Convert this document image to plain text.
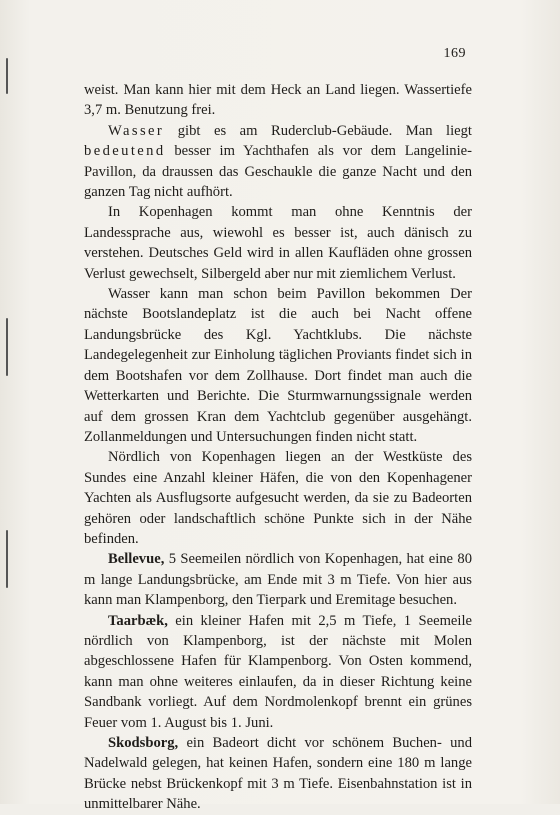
169

weist. Man kann hier mit dem Heck an Land liegen. Wassertiefe 3,7 m. Benutzung frei.

Wasser gibt es am Ruderclub-Gebäude. Man liegt bedeutend besser im Yachthafen als vor dem Langelinie-Pavillon, da draussen das Geschaukle die ganze Nacht und den ganzen Tag nicht aufhört.

In Kopenhagen kommt man ohne Kenntnis der Landessprache aus, wiewohl es besser ist, auch dänisch zu verstehen. Deutsches Geld wird in allen Kaufläden ohne grossen Verlust gewechselt, Silbergeld aber nur mit ziemlichem Verlust.

Wasser kann man schon beim Pavillon bekommen Der nächste Bootslandeplatz ist die auch bei Nacht offene Landungsbrücke des Kgl. Yachtklubs. Die nächste Landegelegenheit zur Einholung täglichen Proviants findet sich in dem Bootshafen vor dem Zollhause. Dort findet man auch die Wetterkarten und Berichte. Die Sturmwarnungssignale werden auf dem grossen Kran dem Yachtclub gegenüber ausgehängt. Zollanmeldungen und Untersuchungen finden nicht statt.

Nördlich von Kopenhagen liegen an der Westküste des Sundes eine Anzahl kleiner Häfen, die von den Kopenhagener Yachten als Ausflugsorte aufgesucht werden, da sie zu Badeorten gehören oder landschaftlich schöne Punkte sich in der Nähe befinden.

Bellevue, 5 Seemeilen nördlich von Kopenhagen, hat eine 80 m lange Landungsbrücke, am Ende mit 3 m Tiefe. Von hier aus kann man Klampenborg, den Tierpark und Eremitage besuchen.

Taarbæk, ein kleiner Hafen mit 2,5 m Tiefe, 1 Seemeile nördlich von Klampenborg, ist der nächste mit Molen abgeschlossene Hafen für Klampenborg. Von Osten kommend, kann man ohne weiteres einlaufen, da in dieser Richtung keine Sandbank vorliegt. Auf dem Nordmolenkopf brennt ein grünes Feuer vom 1. August bis 1. Juni.

Skodsborg, ein Badeort dicht vor schönem Buchen- und Nadelwald gelegen, hat keinen Hafen, sondern eine 180 m lange Brücke nebst Brückenkopf mit 3 m Tiefe. Eisenbahnstation ist in unmittelbarer Nähe.
